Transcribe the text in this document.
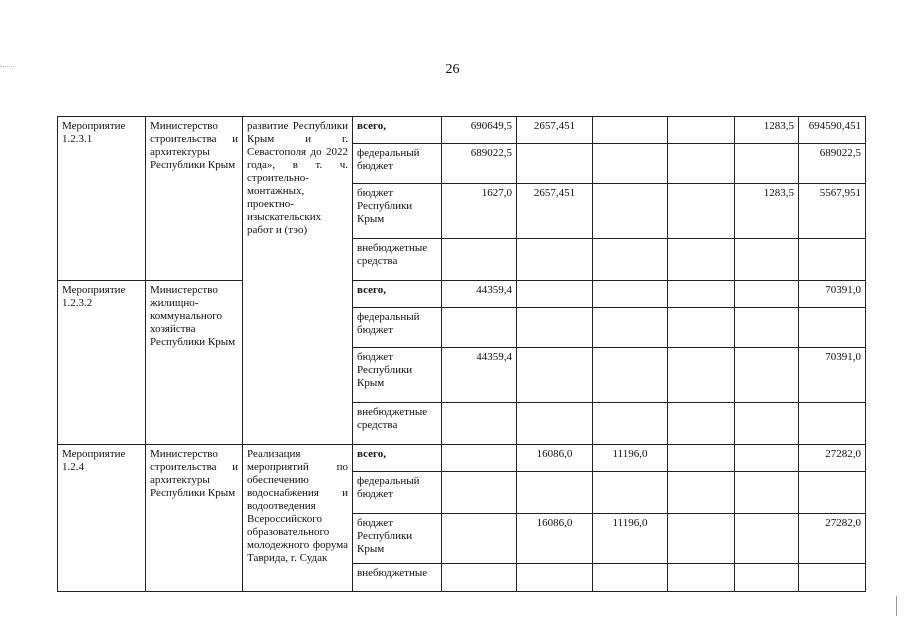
26
Мероприятие 1.2.3.1	Министерство строительства и архитектуры Республики Крым	развитие Республики Крым и г. Севастополя до 2022 года», в т. ч. строительно-монтажных, проектно-изыскательских работ и (тэо)	всего,	690649,5	2657,451			1283,5	694590,451
			федеральный бюджет	689022,5					689022,5
			бюджет Республики Крым	1627,0	2657,451			1283,5	5567,951
			внебюджетные средства						
Мероприятие 1.2.3.2	Министерство жилищно-коммунального хозяйства Республики Крым		всего,	44359,4					70391,0
			федеральный бюджет						
			бюджет Республики Крым	44359,4					70391,0
			внебюджетные средства						
Мероприятие 1.2.4	Министерство строительства и архитектуры Республики Крым	Реализация мероприятий по обеспечению водоснабжения и водоотведения Всероссийского образовательного молодежного форума Таврида, г. Судак	всего,		16086,0	11196,0			27282,0
			федеральный бюджет						
			бюджет Республики Крым		16086,0	11196,0			27282,0
			внебюджетные						
